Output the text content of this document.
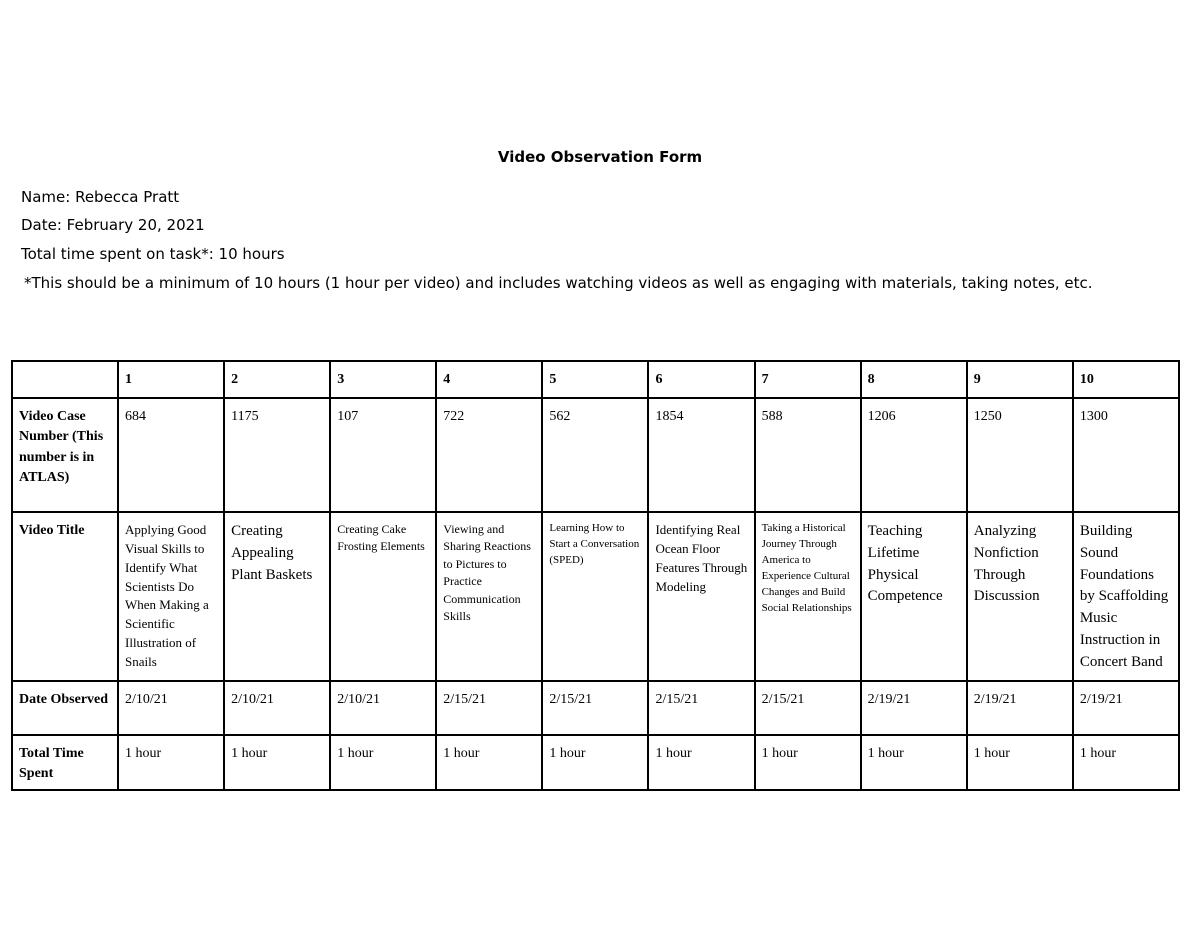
Video Observation Form
Name: Rebecca Pratt
Date: February 20, 2021
Total time spent on task*: 10 hours
*This should be a minimum of 10 hours (1 hour per video) and includes watching videos as well as engaging with materials, taking notes, etc.
	1	2	3	4	5	6	7	8	9	10
Video Case Number (This number is in ATLAS)	684	1175	107	722	562	1854	588	1206	1250	1300
Video Title	Applying Good Visual Skills to Identify What Scientists Do When Making a Scientific Illustration of Snails	Creating Appealing Plant Baskets	Creating Cake Frosting Elements	Viewing and Sharing Reactions to Pictures to Practice Communication Skills	Learning How to Start a Conversation (SPED)	Identifying Real Ocean Floor Features Through Modeling	Taking a Historical Journey Through America to Experience Cultural Changes and Build Social Relationships	Teaching Lifetime Physical Competence	Analyzing Nonfiction Through Discussion	Building Sound Foundations by Scaffolding Music Instruction in Concert Band
Date Observed	2/10/21	2/10/21	2/10/21	2/15/21	2/15/21	2/15/21	2/15/21	2/19/21	2/19/21	2/19/21
Total Time Spent	1 hour	1 hour	1 hour	1 hour	1 hour	1 hour	1 hour	1 hour	1 hour	1 hour
